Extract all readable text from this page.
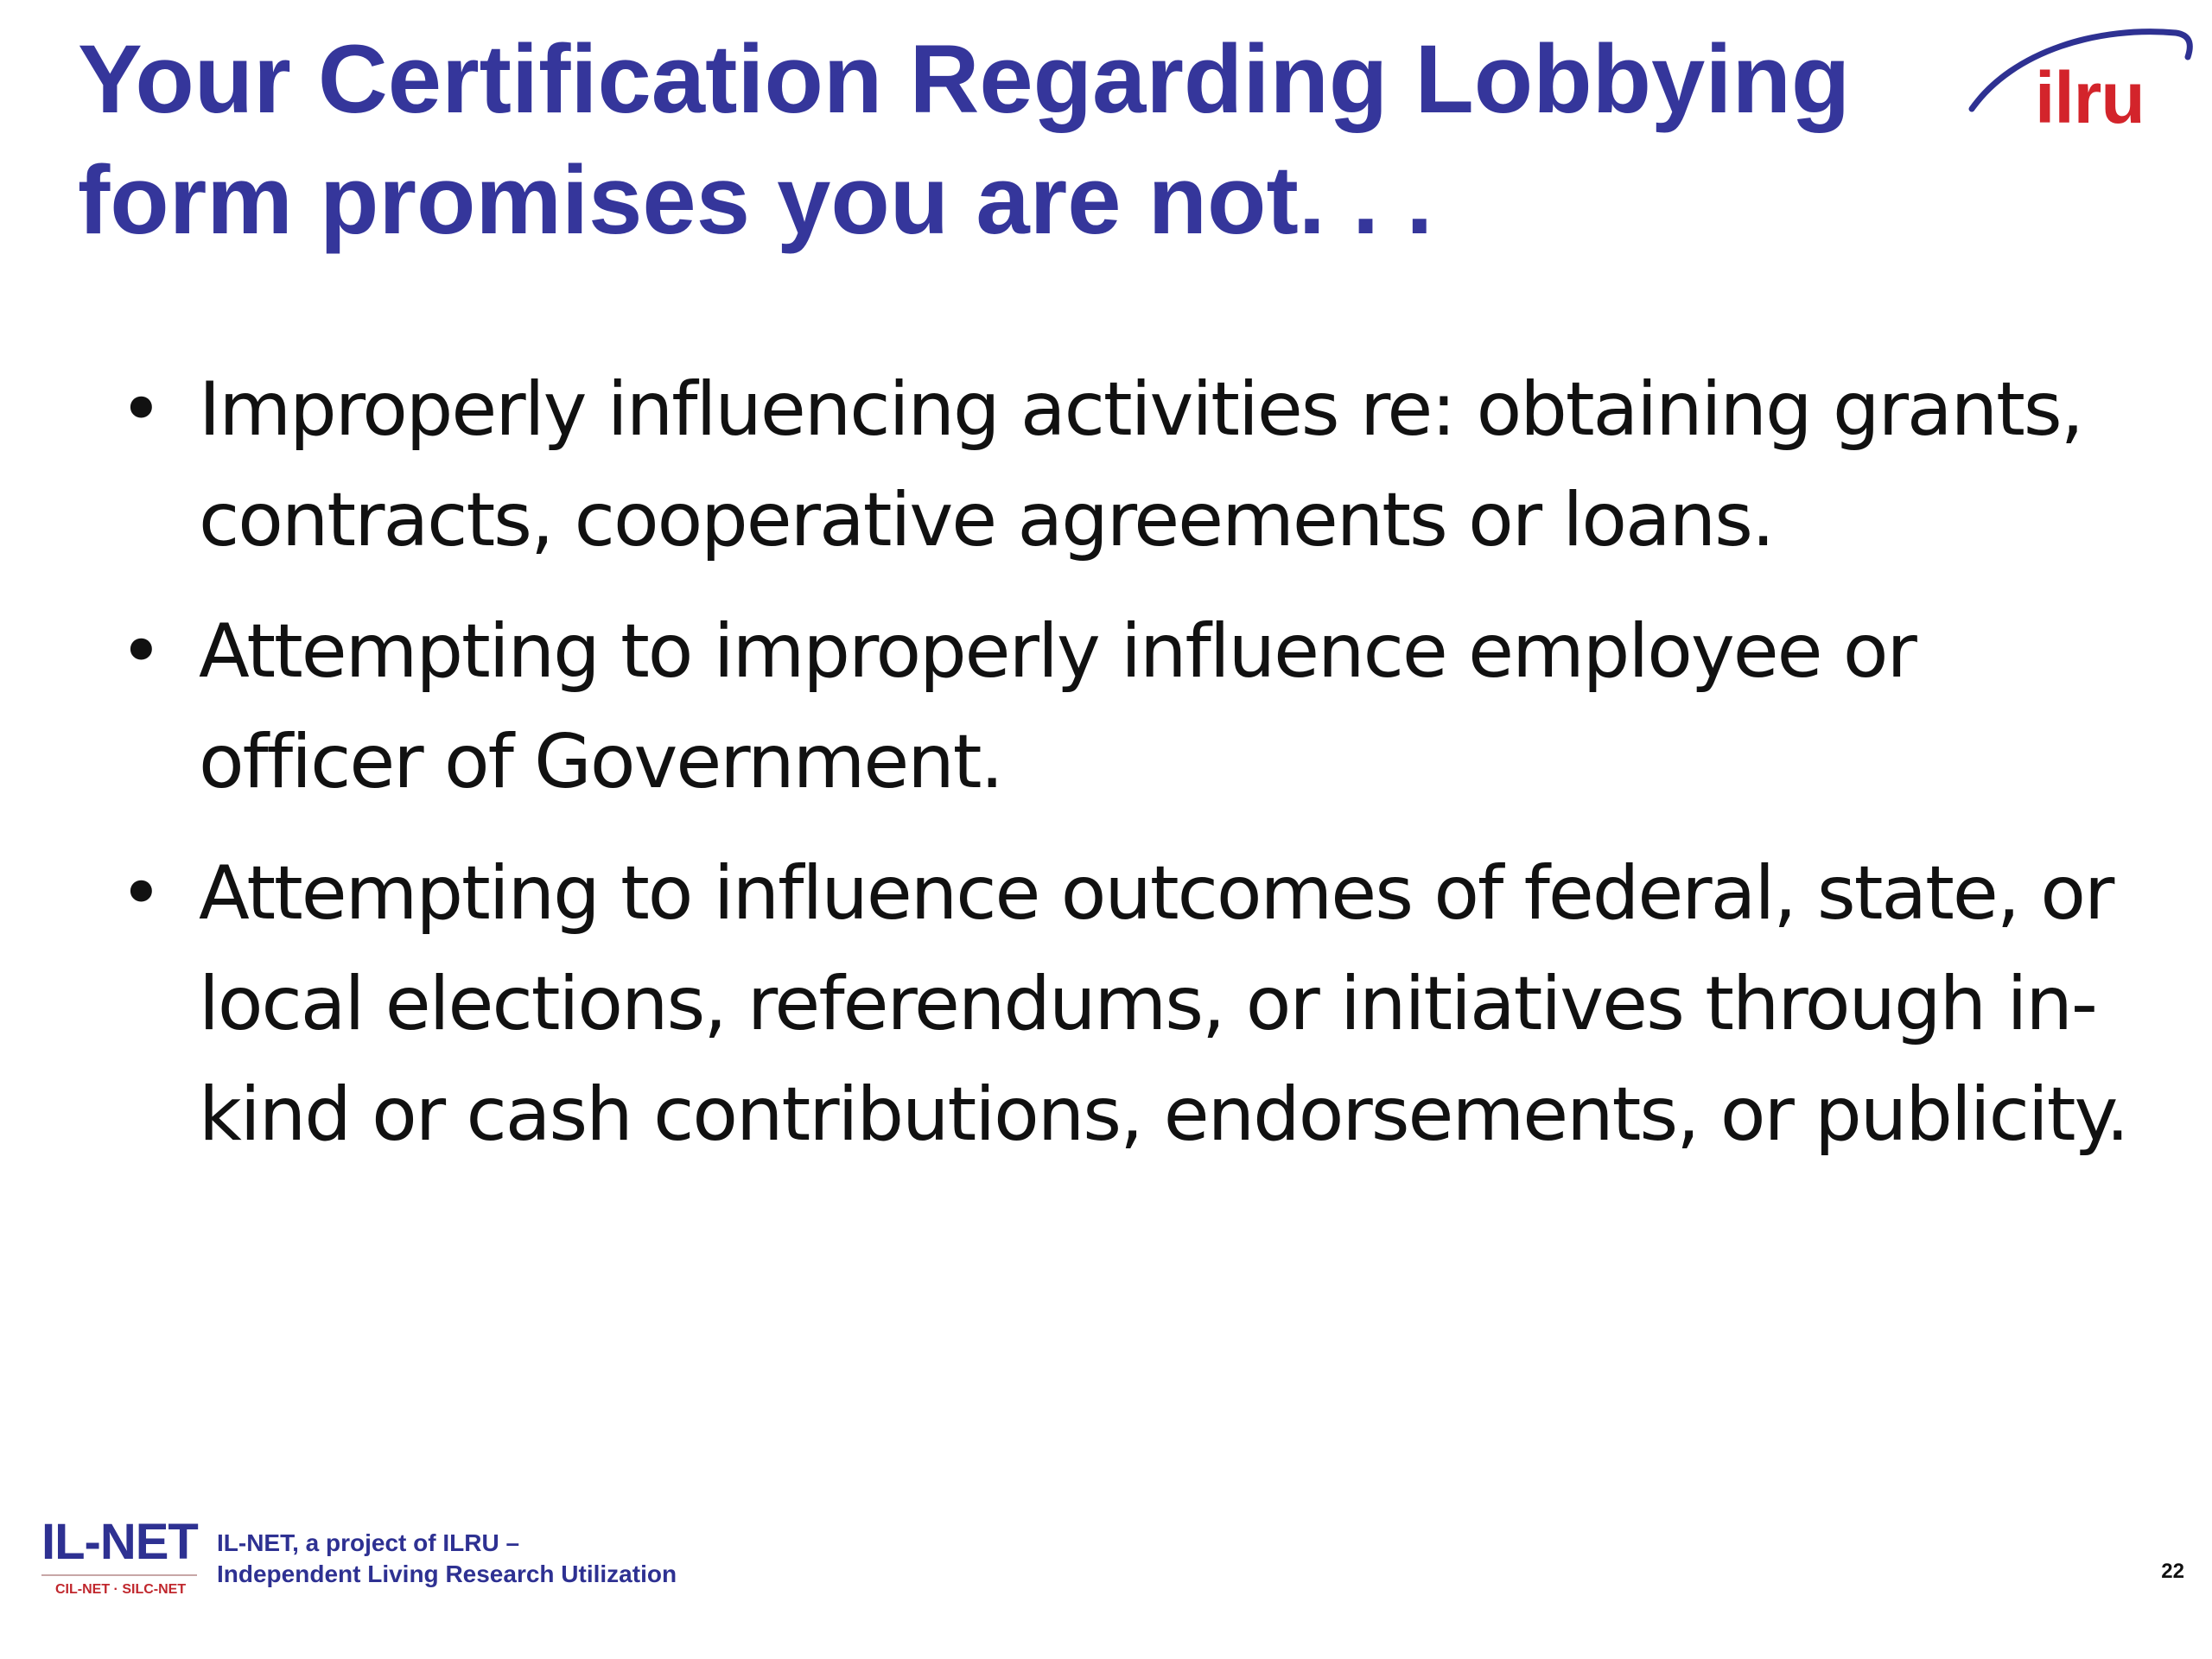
Your Certification Regarding Lobbying
form promises you are not. . .
ilru
• Improperly influencing activities re: obtaining grants, contracts, cooperative agreements or loans.
• Attempting to improperly influence employee or officer of Government.
• Attempting to influence outcomes of federal, state, or local elections, referendums, or initiatives through in-kind or cash contributions, endorsements, or publicity.
IL-NET
CIL-NET · SILC-NET
IL-NET, a project of ILRU –
Independent Living Research Utilization	22
